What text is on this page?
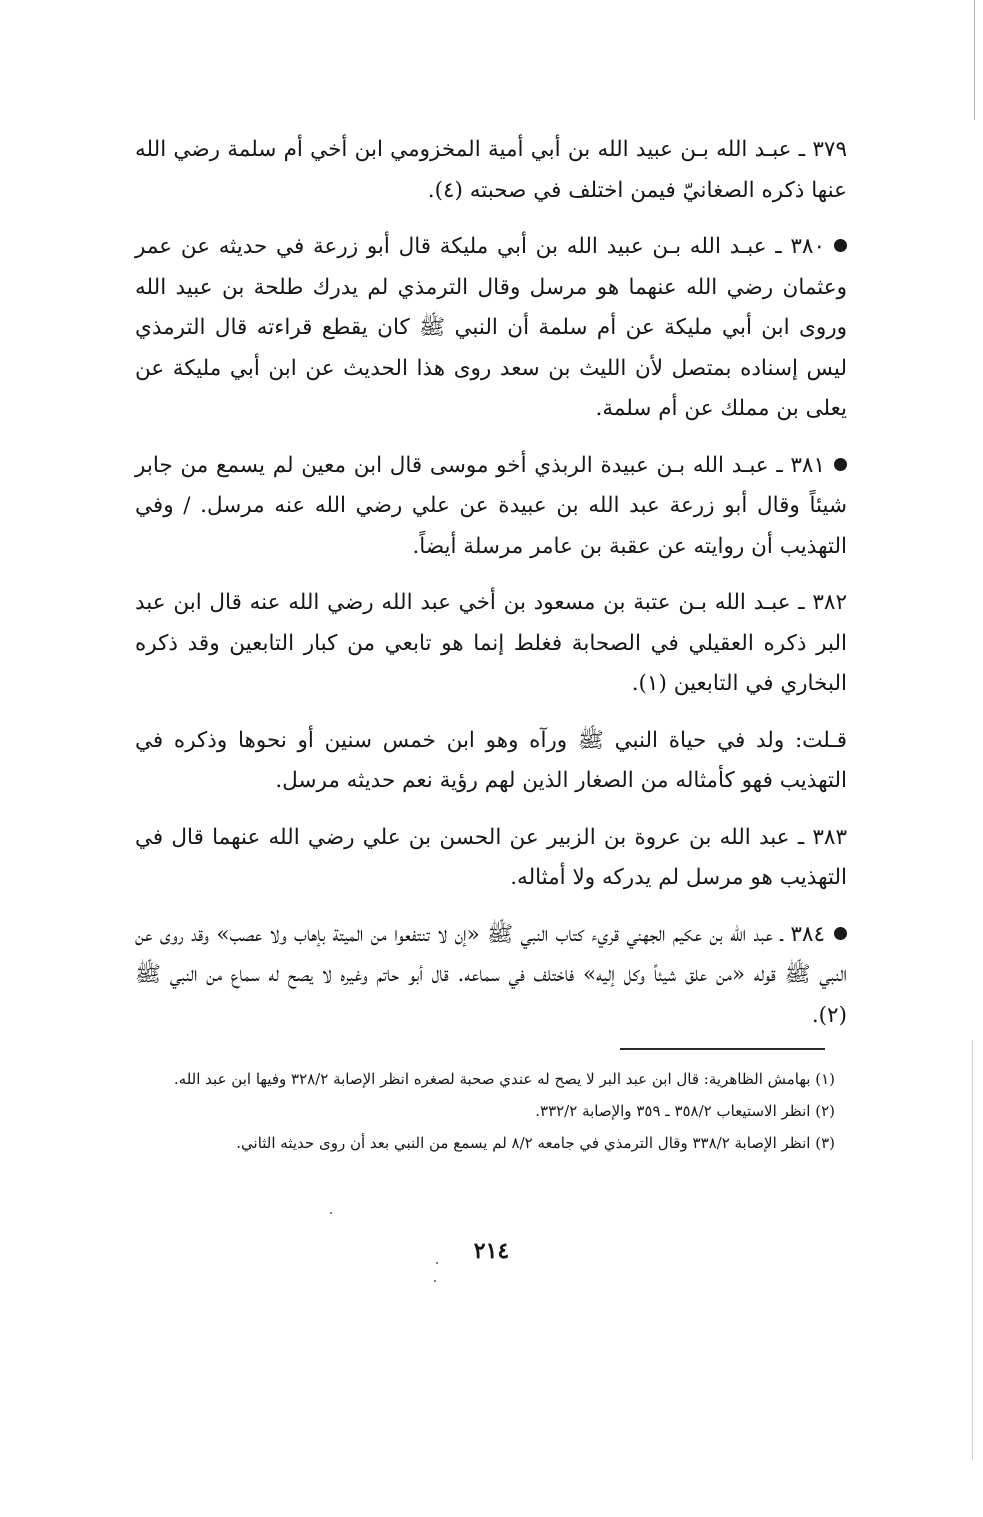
٣٧٩ ـ عبـد الله بـن عبيد الله بن أبي أمية المخزومي ابن أخي أم سلمة رضي الله عنها ذكره الصغانيّ فيمن اختلف في صحبته (٤).

٣٨٠ ـ عبـد الله بـن عبيد الله بن أبي مليكة قال أبو زرعة في حديثه عن عمر وعثمان رضي الله عنهما هو مرسل وقال الترمذي لم يدرك طلحة بن عبيد الله وروى ابن أبي مليكة عن أم سلمة أن النبي ﷺ كان يقطع قراءته قال الترمذي ليس إسناده بمتصل لأن الليث بن سعد روى هذا الحديث عن ابن أبي مليكة عن يعلى بن مملك عن أم سلمة.

٣٨١ ـ عبـد الله بـن عبيدة الربذي أخو موسى قال ابن معين لم يسمع من جابر شيئاً وقال أبو زرعة عبد الله بن عبيدة عن علي رضي الله عنه مرسل. / وفي التهذيب أن روايته عن عقبة بن عامر مرسلة أيضاً.

٣٨٢ ـ عبـد الله بـن عتبة بن مسعود بن أخي عبد الله رضي الله عنه قال ابن عبد البر ذكره العقيلي في الصحابة فغلط إنما هو تابعي من كبار التابعين وقد ذكره البخاري في التابعين (١).

قـلت: ولد في حياة النبي ﷺ ورآه وهو ابن خمس سنين أو نحوها وذكره في التهذيب فهو كأمثاله من الصغار الذين لهم رؤية نعم حديثه مرسل.

٣٨٣ ـ عبد الله بن عروة بن الزبير عن الحسن بن علي رضي الله عنهما قال في التهذيب هو مرسل لم يدركه ولا أمثاله.

٣٨٤ ـ عبد الله بن عكيم الجهني قريء كتاب النبي ﷺ «إن لا تنتفعوا من الميتة بإهاب ولا عصب» وقد روى عن النبي ﷺ قوله «من علق شيئاً وكل إليه» فاختلف في سماعه. قال أبو حاتم وغيره لا يصح له سماع من النبي ﷺ (٢).

(١) بهامش الظاهرية: قال ابن عبد البر لا يصح له عندي صحبة لصغره انظر الإصابة ٣٢٨/٢ وفيها ابن عبد الله.

(٢) انظر الاستيعاب ٣٥٨/٢ ـ ٣٥٩ والإصابة ٣٣٢/٢.

(٣) انظر الإصابة ٣٣٨/٢ وقال الترمذي في جامعه ٨/٢ لم يسمع من النبي بعد أن روى حديثه الثاني.

٢١٤
